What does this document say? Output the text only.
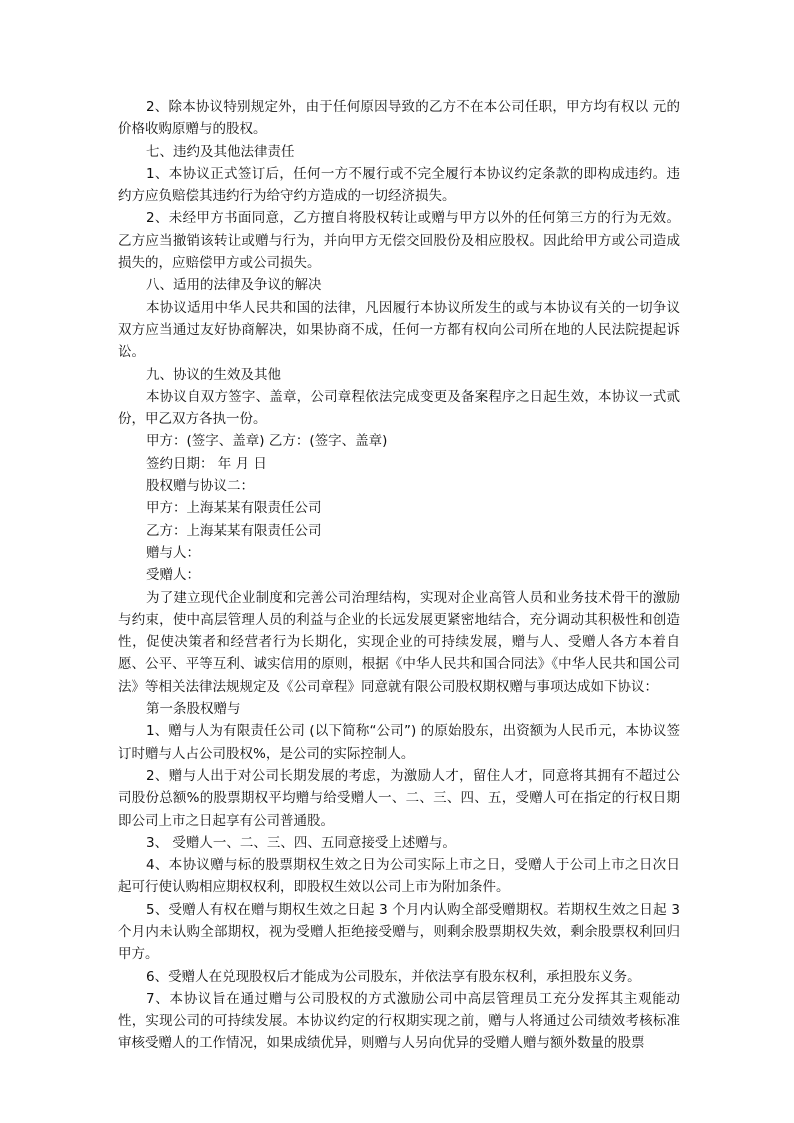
2、除本协议特别规定外，由于任何原因导致的乙方不在本公司任职，甲方均有权以 元的价格收购原赠与的股权。

七、违约及其他法律责任

1、本协议正式签订后，任何一方不履行或不完全履行本协议约定条款的即构成违约。违约方应负赔偿其违约行为给守约方造成的一切经济损失。

2、未经甲方书面同意，乙方擅自将股权转让或赠与甲方以外的任何第三方的行为无效。乙方应当撤销该转让或赠与行为，并向甲方无偿交回股份及相应股权。因此给甲方或公司造成损失的，应赔偿甲方或公司损失。

八、适用的法律及争议的解决

本协议适用中华人民共和国的法律，凡因履行本协议所发生的或与本协议有关的一切争议双方应当通过友好协商解决，如果协商不成，任何一方都有权向公司所在地的人民法院提起诉讼。

九、协议的生效及其他

本协议自双方签字、盖章，公司章程依法完成变更及备案程序之日起生效，本协议一式贰份，甲乙双方各执一份。

甲方：(签字、盖章) 乙方：(签字、盖章)

签约日期： 年 月 日

股权赠与协议二：

甲方：上海某某有限责任公司

乙方：上海某某有限责任公司

赠与人：

受赠人：

为了建立现代企业制度和完善公司治理结构，实现对企业高管人员和业务技术骨干的激励与约束，使中高层管理人员的利益与企业的长远发展更紧密地结合，充分调动其积极性和创造性，促使决策者和经营者行为长期化，实现企业的可持续发展，赠与人、受赠人各方本着自愿、公平、平等互利、诚实信用的原则，根据《中华人民共和国合同法》《中华人民共和国公司法》等相关法律法规规定及《公司章程》同意就有限公司股权期权赠与事项达成如下协议：

第一条股权赠与

1、赠与人为有限责任公司 (以下简称“公司”) 的原始股东，出资额为人民币元，本协议签订时赠与人占公司股权%，是公司的实际控制人。

2、赠与人出于对公司长期发展的考虑，为激励人才，留住人才，同意将其拥有不超过公司股份总额%的股票期权平均赠与给受赠人一、二、三、四、五，受赠人可在指定的行权日期即公司上市之日起享有公司普通股。

3、 受赠人一、二、三、四、五同意接受上述赠与。

4、本协议赠与标的股票期权生效之日为公司实际上市之日，受赠人于公司上市之日次日起可行使认购相应期权权利，即股权生效以公司上市为附加条件。

5、受赠人有权在赠与期权生效之日起 3 个月内认购全部受赠期权。若期权生效之日起 3 个月内未认购全部期权，视为受赠人拒绝接受赠与，则剩余股票期权失效，剩余股票权利回归甲方。

6、受赠人在兑现股权后才能成为公司股东，并依法享有股东权利，承担股东义务。

7、本协议旨在通过赠与公司股权的方式激励公司中高层管理员工充分发挥其主观能动性，实现公司的可持续发展。本协议约定的行权期实现之前，赠与人将通过公司绩效考核标准审核受赠人的工作情况，如果成绩优异，则赠与人另向优异的受赠人赠与额外数量的股票
